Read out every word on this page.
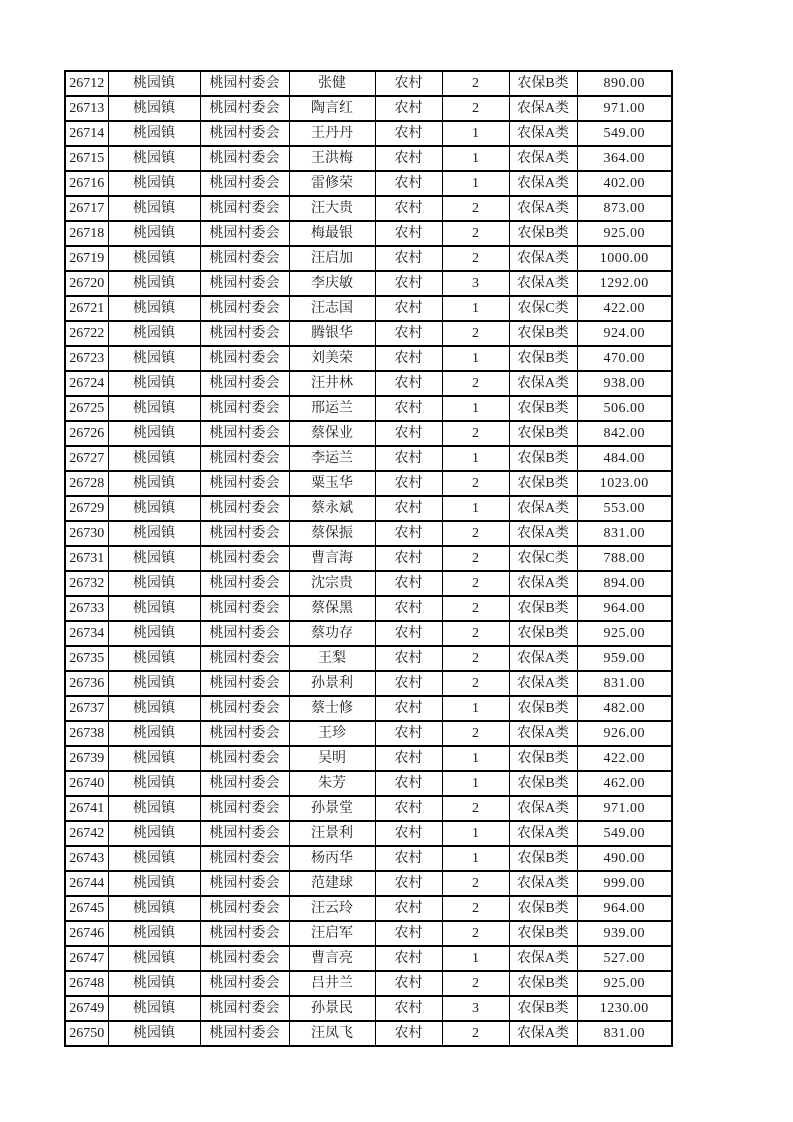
26712	桃园镇	桃园村委会	张健	农村	2	农保B类	890.00
26713	桃园镇	桃园村委会	陶言红	农村	2	农保A类	971.00
26714	桃园镇	桃园村委会	王丹丹	农村	1	农保A类	549.00
26715	桃园镇	桃园村委会	王洪梅	农村	1	农保A类	364.00
26716	桃园镇	桃园村委会	雷修荣	农村	1	农保A类	402.00
26717	桃园镇	桃园村委会	汪大贵	农村	2	农保A类	873.00
26718	桃园镇	桃园村委会	梅最银	农村	2	农保B类	925.00
26719	桃园镇	桃园村委会	汪启加	农村	2	农保A类	1000.00
26720	桃园镇	桃园村委会	李庆敏	农村	3	农保A类	1292.00
26721	桃园镇	桃园村委会	汪志国	农村	1	农保C类	422.00
26722	桃园镇	桃园村委会	腾银华	农村	2	农保B类	924.00
26723	桃园镇	桃园村委会	刘美荣	农村	1	农保B类	470.00
26724	桃园镇	桃园村委会	汪井林	农村	2	农保A类	938.00
26725	桃园镇	桃园村委会	邢运兰	农村	1	农保B类	506.00
26726	桃园镇	桃园村委会	蔡保业	农村	2	农保B类	842.00
26727	桃园镇	桃园村委会	李运兰	农村	1	农保B类	484.00
26728	桃园镇	桃园村委会	粟玉华	农村	2	农保B类	1023.00
26729	桃园镇	桃园村委会	蔡永斌	农村	1	农保A类	553.00
26730	桃园镇	桃园村委会	蔡保振	农村	2	农保A类	831.00
26731	桃园镇	桃园村委会	曹言海	农村	2	农保C类	788.00
26732	桃园镇	桃园村委会	沈宗贵	农村	2	农保A类	894.00
26733	桃园镇	桃园村委会	蔡保黑	农村	2	农保B类	964.00
26734	桃园镇	桃园村委会	蔡功存	农村	2	农保B类	925.00
26735	桃园镇	桃园村委会	王梨	农村	2	农保A类	959.00
26736	桃园镇	桃园村委会	孙景利	农村	2	农保A类	831.00
26737	桃园镇	桃园村委会	蔡士修	农村	1	农保B类	482.00
26738	桃园镇	桃园村委会	王珍	农村	2	农保A类	926.00
26739	桃园镇	桃园村委会	吴明	农村	1	农保B类	422.00
26740	桃园镇	桃园村委会	朱芳	农村	1	农保B类	462.00
26741	桃园镇	桃园村委会	孙景堂	农村	2	农保A类	971.00
26742	桃园镇	桃园村委会	汪景利	农村	1	农保A类	549.00
26743	桃园镇	桃园村委会	杨丙华	农村	1	农保B类	490.00
26744	桃园镇	桃园村委会	范建球	农村	2	农保A类	999.00
26745	桃园镇	桃园村委会	汪云玲	农村	2	农保B类	964.00
26746	桃园镇	桃园村委会	汪启军	农村	2	农保B类	939.00
26747	桃园镇	桃园村委会	曹言亮	农村	1	农保A类	527.00
26748	桃园镇	桃园村委会	吕井兰	农村	2	农保B类	925.00
26749	桃园镇	桃园村委会	孙景民	农村	3	农保B类	1230.00
26750	桃园镇	桃园村委会	汪凤飞	农村	2	农保A类	831.00
